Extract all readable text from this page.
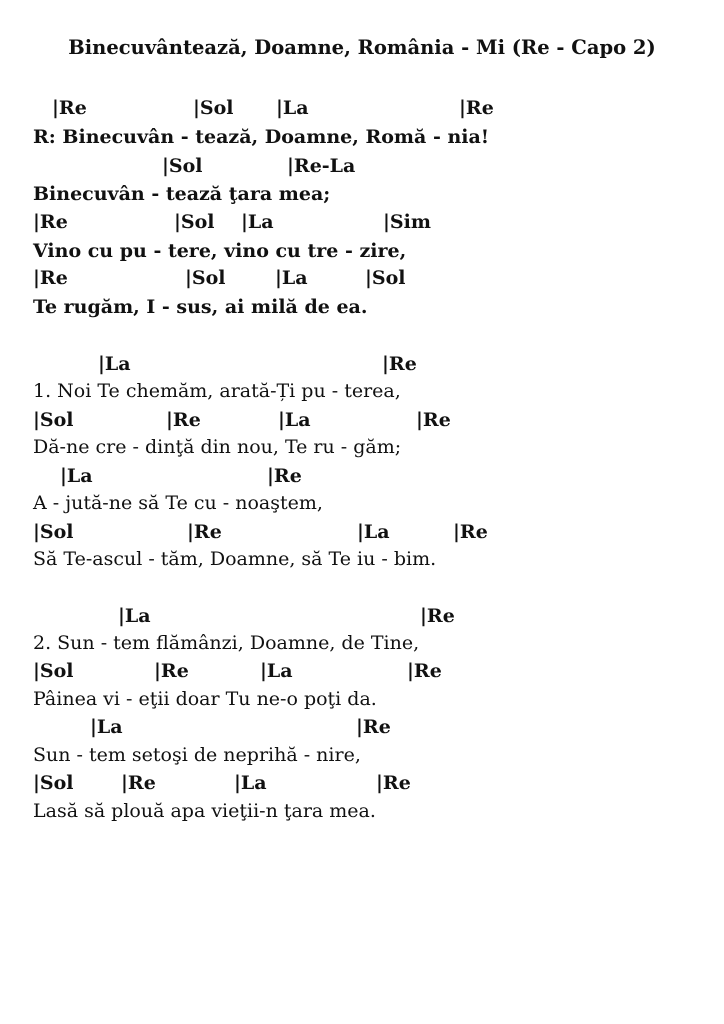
Binecuvântează, Doamne, România - Mi (Re - Capo 2)
|Re	|Sol |La	|Re
R: Binecuvân - tează, Doamne, Romă - nia!
|Sol	|Re-La
Binecuvân - tează ţara mea;
|Re	|Sol |La	|Sim
Vino cu pu - tere, vino cu tre - zire,
|Re	|Sol	|La	|Sol
Te rugăm, I - sus, ai milă de ea.
|La	|Re
1. Noi Te chemăm, arată-Ți pu - terea,
|Sol	|Re	|La	|Re
Dă-ne cre - dinţă din nou, Te ru - găm;
|La	|Re
A - jută-ne să Te cu - noaştem,
|Sol	|Re	|La	|Re
Să Te-ascul - tăm, Doamne, să Te iu - bim.
|La	|Re
2. Sun - tem flămânzi, Doamne, de Tine,
|Sol	|Re	|La	|Re
Pâinea vi - eţii doar Tu ne-o poţi da.
|La	|Re
Sun - tem setoşi de neprihă - nire,
|Sol |Re	|La	|Re
Lasă să plouă apa vieţii-n ţara mea.
